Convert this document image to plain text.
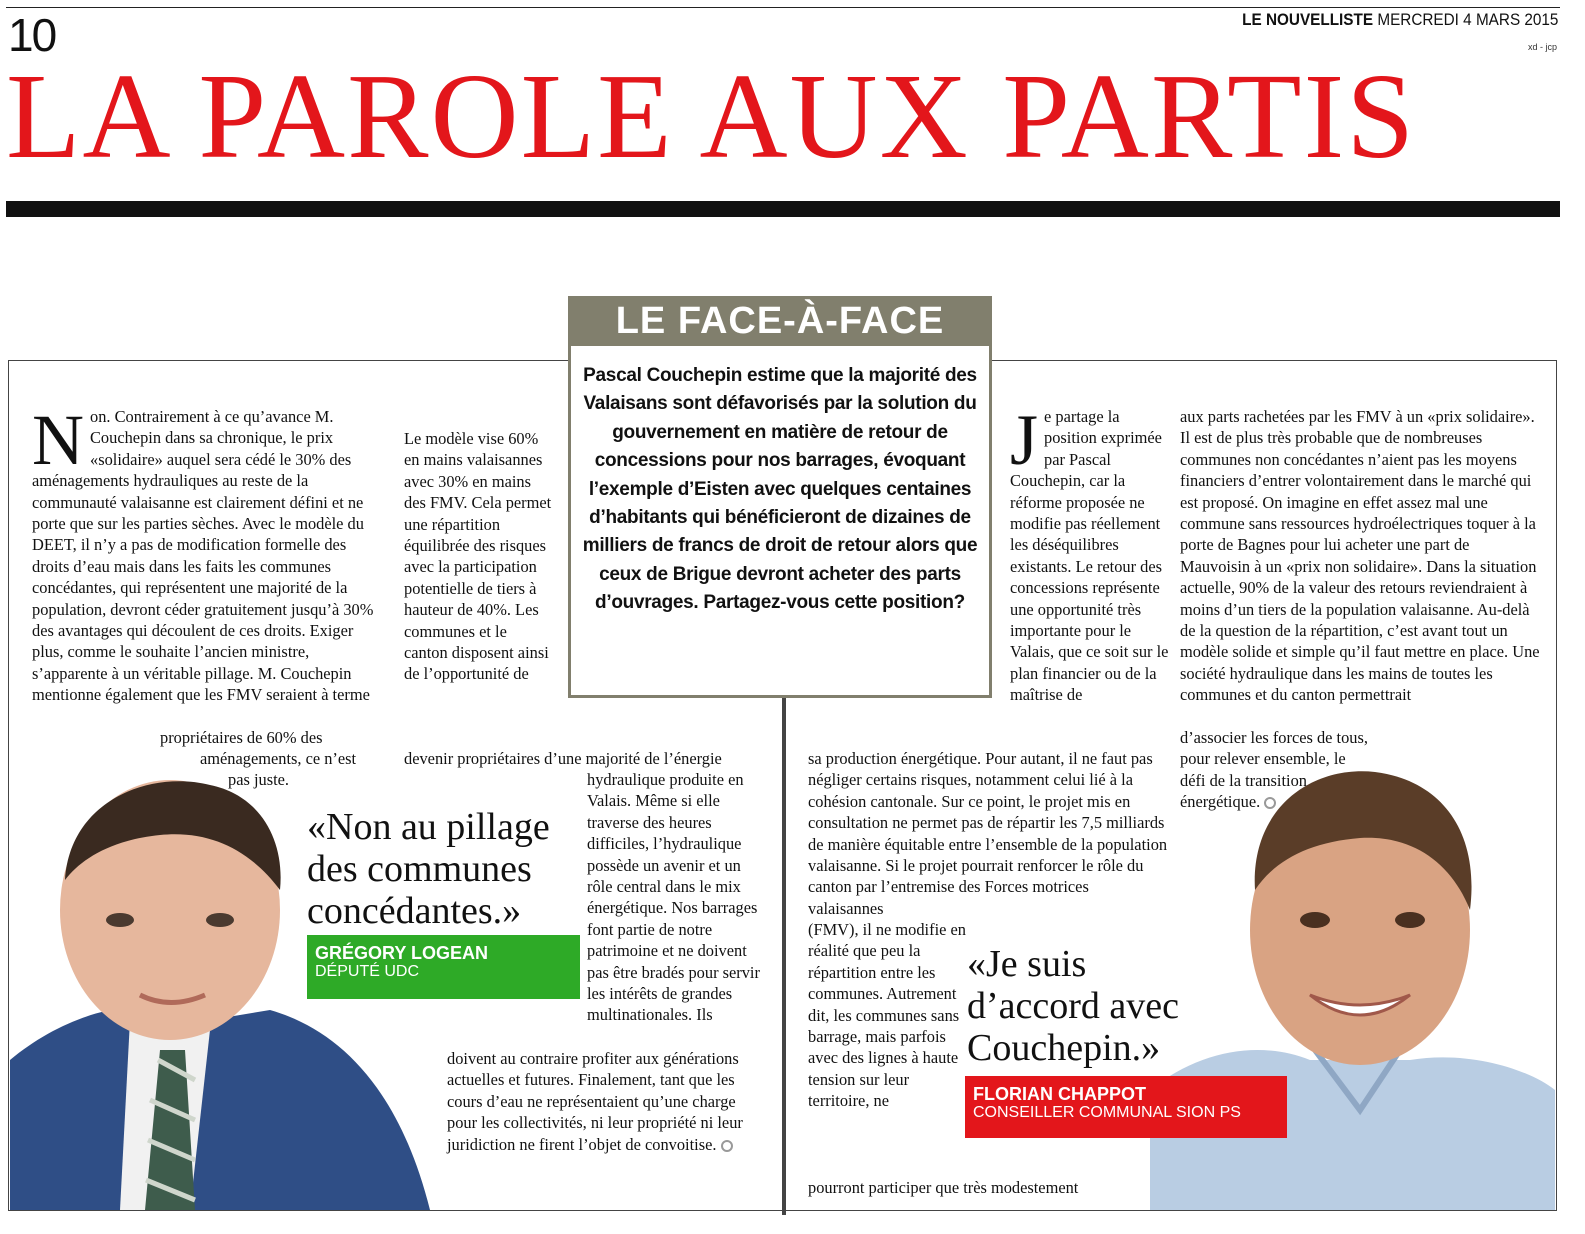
10	LE NOUVELLISTE MERCREDI 4 MARS 2015
xd - jcp
LA PAROLE AUX PARTIS
LE FACE-À-FACE
Pascal Couchepin estime que la majorité des Valaisans sont défavorisés par la solution du gouvernement en matière de retour de concessions pour nos barrages, évoquant l’exemple d’Eisten avec quelques centaines d’habitants qui bénéficieront de dizaines de milliers de francs de droit de retour alors que ceux de Brigue devront acheter des parts d’ouvrages. Partagez-vous cette position?
Non. Contrairement à ce qu’avance M. Couchepin dans sa chronique, le prix «solidaire» auquel sera cédé le 30% des aménagements hydrauliques au reste de la communauté valaisanne est clairement défini et ne porte que sur les parties sèches. Avec le modèle du DEET, il n’y a pas de modification formelle des droits d’eau mais dans les faits les communes concédantes, qui représentent une majorité de la population, devront céder gratuitement jusqu’à 30% des avantages qui découlent de ces droits. Exiger plus, comme le souhaite l’ancien ministre, s’apparente à un véritable pillage. M. Couchepin mentionne également que les FMV seraient à terme
propriétaires de 60% des
aménagements, ce n’est
pas juste.
Le modèle vise 60% en mains valaisannes avec 30% en mains des FMV. Cela permet une répartition équilibrée des risques avec la participation potentielle de tiers à hauteur de 40%. Les communes et le canton disposent ainsi de l’opportunité de
devenir propriétaires d’une majorité de l’énergie
hydraulique produite en Valais. Même si elle traverse des heures difficiles, l’hydraulique possède un avenir et un rôle central dans le mix énergétique. Nos barrages font partie de notre patrimoine et ne doivent pas être bradés pour servir les intérêts de grandes multinationales. Ils
doivent au contraire profiter aux générations actuelles et futures. Finalement, tant que les cours d’eau ne représentaient qu’une charge pour les collectivités, ni leur propriété ni leur juridiction ne firent l’objet de convoitise.
«Non au pillage
des communes
concédantes.»
GRÉGORY LOGEAN
DÉPUTÉ UDC
Je partage la position exprimée par Pascal Couchepin, car la réforme proposée ne modifie pas réellement les déséquilibres existants. Le retour des concessions représente une opportunité très importante pour le Valais, que ce soit sur le plan financier ou de la maîtrise de
sa production énergétique. Pour autant, il ne faut pas négliger certains risques, notamment celui lié à la cohésion cantonale. Sur ce point, le projet mis en consultation ne permet pas de répartir les 7,5 milliards de manière équitable entre l’ensemble de la population valaisanne. Si le projet pourrait renforcer le rôle du canton par l’entremise des Forces motrices valaisannes
(FMV), il ne modifie en réalité que peu la répartition entre les communes. Autrement dit, les communes sans barrage, mais parfois avec des lignes à haute tension sur leur territoire, ne
pourront participer que très modestement
aux parts rachetées par les FMV à un «prix solidaire». Il est de plus très probable que de nombreuses communes non concédantes n’aient pas les moyens financiers d’entrer volontairement dans le marché qui est proposé. On imagine en effet assez mal une commune sans ressources hydroélectriques toquer à la porte de Bagnes pour lui acheter une part de Mauvoisin à un «prix non solidaire». Dans la situation actuelle, 90% de la valeur des retours reviendraient à moins d’un tiers de la population valaisanne. Au-delà de la question de la répartition, c’est avant tout un modèle solide et simple qu’il faut mettre en place. Une société hydraulique dans les mains de toutes les communes et du canton permettrait
d’associer les forces de tous, pour relever ensemble, le défi de la transition énergétique.
«Je suis
d’accord avec
Couchepin.»
FLORIAN CHAPPOT
CONSEILLER COMMUNAL SION PS
